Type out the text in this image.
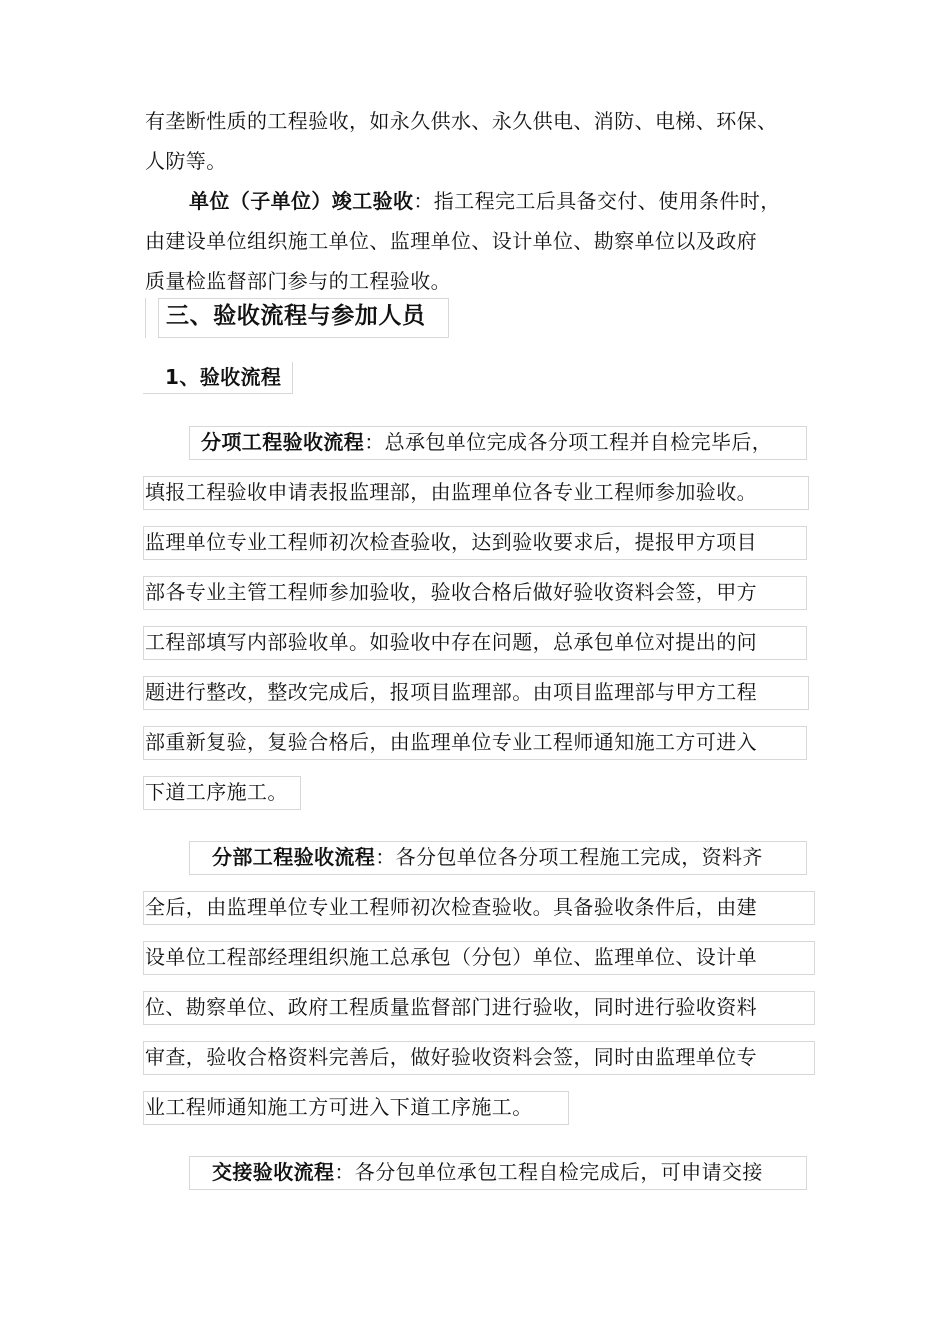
有垄断性质的工程验收，如永久供水、永久供电、消防、电梯、环保、
人防等。
单位（子单位）竣工验收：指工程完工后具备交付、使用条件时，
由建设单位组织施工单位、监理单位、设计单位、勘察单位以及政府
质量检监督部门参与的工程验收。
三、验收流程与参加人员
1、验收流程
分项工程验收流程：总承包单位完成各分项工程并自检完毕后，
填报工程验收申请表报监理部，由监理单位各专业工程师参加验收。
监理单位专业工程师初次检查验收，达到验收要求后，提报甲方项目
部各专业主管工程师参加验收，验收合格后做好验收资料会签，甲方
工程部填写内部验收单。如验收中存在问题，总承包单位对提出的问
题进行整改，整改完成后，报项目监理部。由项目监理部与甲方工程
部重新复验，复验合格后，由监理单位专业工程师通知施工方可进入
下道工序施工。
分部工程验收流程：各分包单位各分项工程施工完成，资料齐
全后，由监理单位专业工程师初次检查验收。具备验收条件后，由建
设单位工程部经理组织施工总承包（分包）单位、监理单位、设计单
位、勘察单位、政府工程质量监督部门进行验收，同时进行验收资料
审查，验收合格资料完善后，做好验收资料会签，同时由监理单位专
业工程师通知施工方可进入下道工序施工。
交接验收流程：各分包单位承包工程自检完成后，可申请交接
